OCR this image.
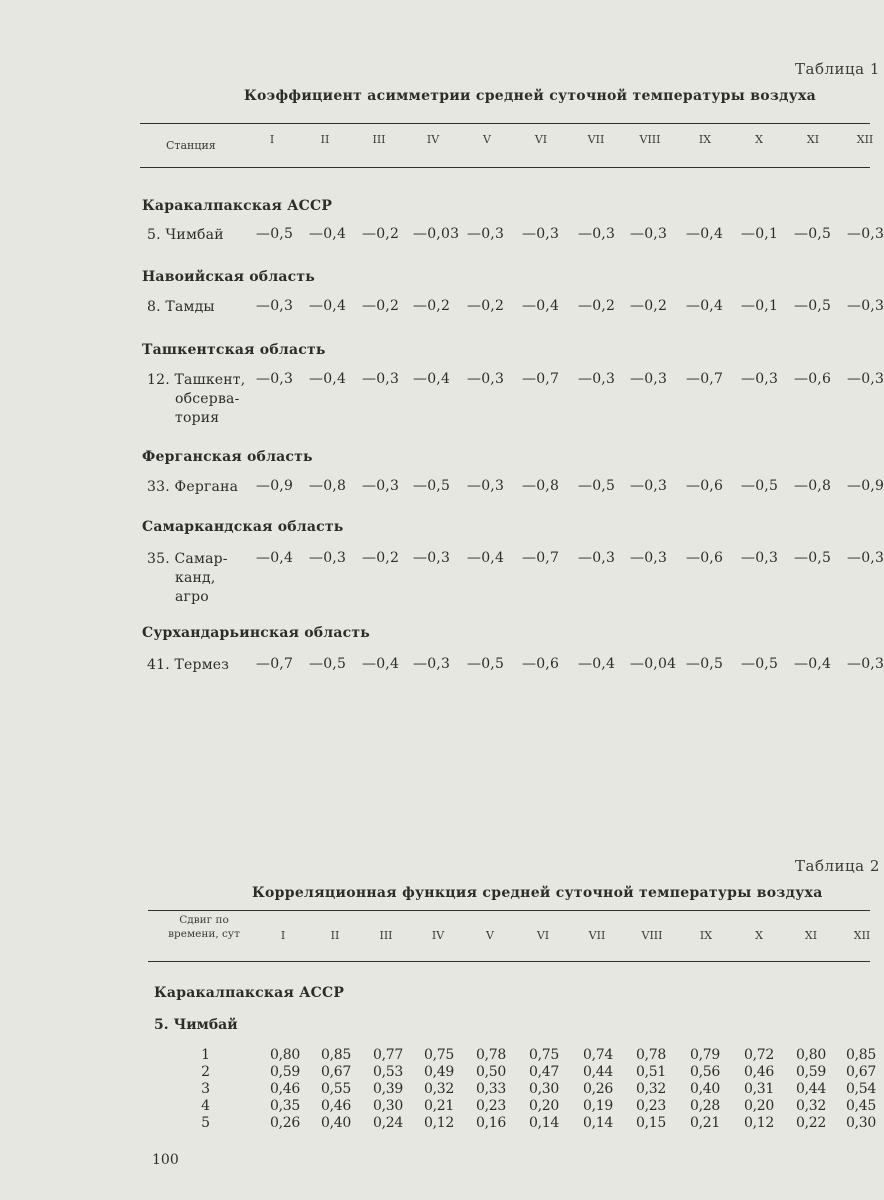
Таблица 1
Коэффициент асимметрии средней суточной температуры воздуха
Станция	I	II	III	IV	V	VI	VII	VIII	IX	X	XI	XII
Каракалпакская АССР
5. Чимбай —0,5 —0,4 —0,2 —0,03 —0,3 —0,3 —0,3 —0,3 —0,4 —0,1 —0,5 —0,3
Навоийская область
8. Тамды	—0,3 —0,4 —0,2 —0,2 —0,2 —0,4 —0,2 —0,2 —0,4 —0,1 —0,5 —0,3
Ташкентская область
12. Ташкент,
обсерва-
тория
—0,3 —0,4 —0,3 —0,4 —0,3 —0,7 —0,3 —0,3 —0,7 —0,3 —0,6 —0,3
Ферганская область
33. Фергана —0,9 —0,8 —0,3 —0,5 —0,3 —0,8 —0,5 —0,3 —0,6 —0,5 —0,8 —0,9
Самаркандская область
35. Самар-
канд,
агро
—0,4 —0,3 —0,2 —0,3 —0,4 —0,7 —0,3 —0,3 —0,6 —0,3 —0,5 —0,3
Сурхандарьинская область
41. Термез —0,7 —0,5 —0,4 —0,3 —0,5 —0,6 —0,4 —0,04 —0,5 —0,5 —0,4 —0,3
Таблица 2
Корреляционная функция средней суточной температуры воздуха
Сдвиг по времени, сут	I	II	III	IV	V	VI	VII	VIII	IX	X	XI	XII
Каракалпакская АССР
5. Чимбай
1	0,80 0,85 0,77 0,75 0,78 0,75 0,74 0,78 0,79 0,72 0,80 0,85
2	0,59 0,67 0,53 0,49 0,50 0,47 0,44 0,51 0,56 0,46 0,59 0,67
3	0,46 0,55 0,39 0,32 0,33 0,30 0,26 0,32 0,40 0,31 0,44 0,54
4	0,35 0,46 0,30 0,21 0,23 0,20 0,19 0,23 0,28 0,20 0,32 0,45
5	0,26 0,40 0,24 0,12 0,16 0,14 0,14 0,15 0,21 0,12 0,22 0,30
100
